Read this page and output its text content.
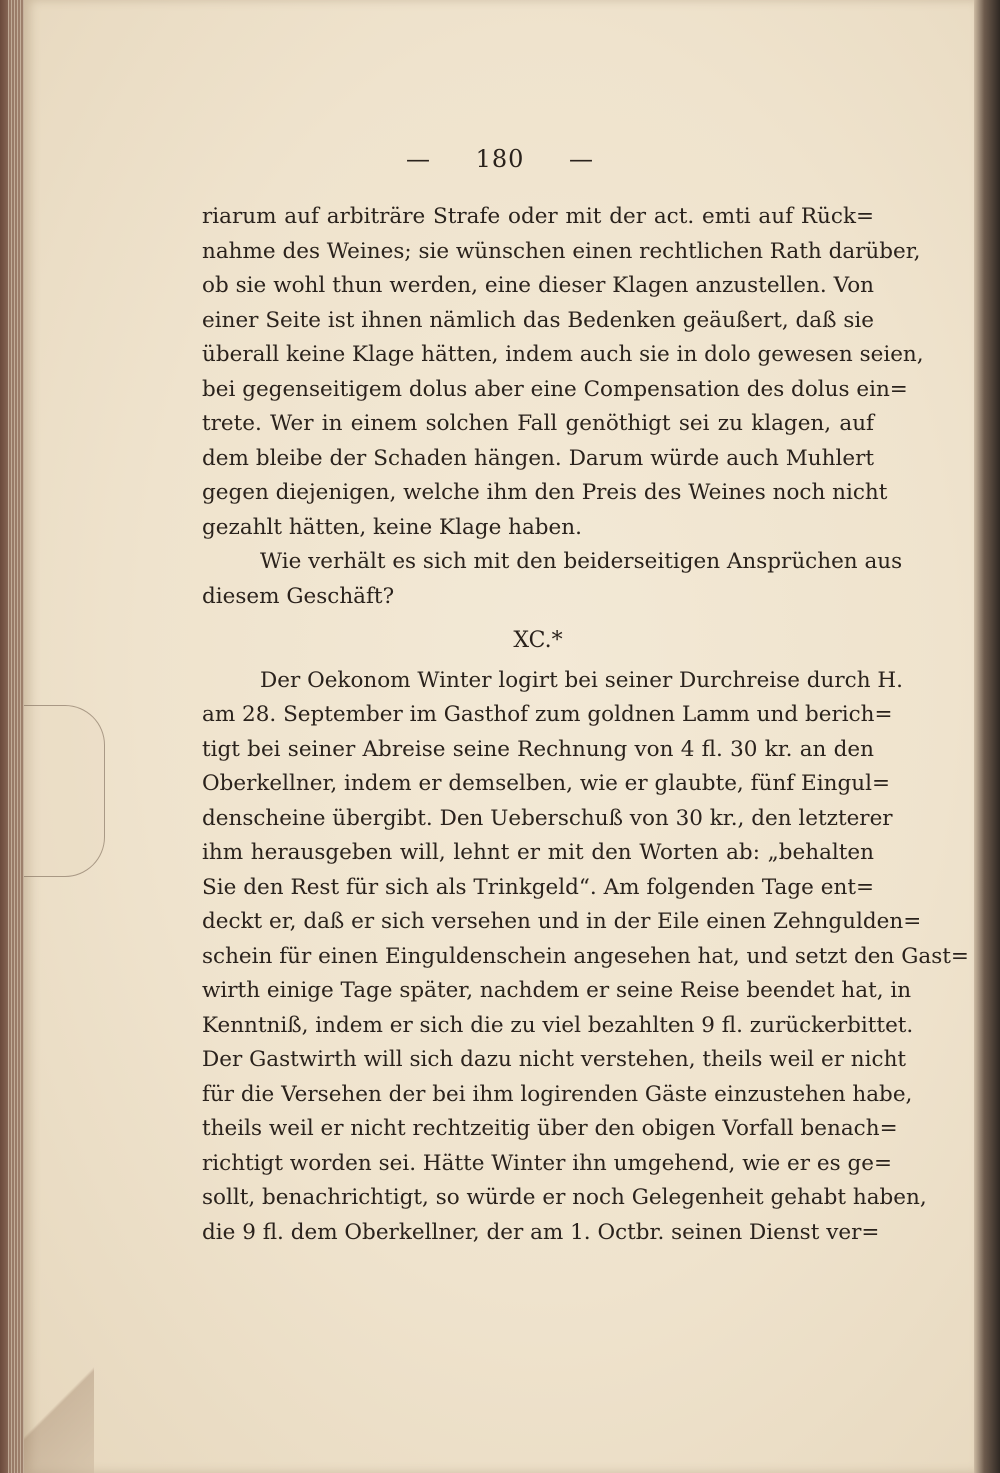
— 180 —
riarum auf arbiträre Strafe oder mit der act. emti auf Rück=
nahme des Weines; sie wünschen einen rechtlichen Rath darüber,
ob sie wohl thun werden, eine dieser Klagen anzustellen. Von
einer Seite ist ihnen nämlich das Bedenken geäußert, daß sie
überall keine Klage hätten, indem auch sie in dolo gewesen seien,
bei gegenseitigem dolus aber eine Compensation des dolus ein=
trete. Wer in einem solchen Fall genöthigt sei zu klagen, auf
dem bleibe der Schaden hängen. Darum würde auch Muhlert
gegen diejenigen, welche ihm den Preis des Weines noch nicht
gezahlt hätten, keine Klage haben.
Wie verhält es sich mit den beiderseitigen Ansprüchen aus
diesem Geschäft?
XC.*
Der Oekonom Winter logirt bei seiner Durchreise durch H.
am 28. September im Gasthof zum goldnen Lamm und berich=
tigt bei seiner Abreise seine Rechnung von 4 fl. 30 kr. an den
Oberkellner, indem er demselben, wie er glaubte, fünf Eingul=
denscheine übergibt. Den Ueberschuß von 30 kr., den letzterer
ihm herausgeben will, lehnt er mit den Worten ab: „behalten
Sie den Rest für sich als Trinkgeld“. Am folgenden Tage ent=
deckt er, daß er sich versehen und in der Eile einen Zehngulden=
schein für einen Einguldenschein angesehen hat, und setzt den Gast=
wirth einige Tage später, nachdem er seine Reise beendet hat, in
Kenntniß, indem er sich die zu viel bezahlten 9 fl. zurückerbittet.
Der Gastwirth will sich dazu nicht verstehen, theils weil er nicht
für die Versehen der bei ihm logirenden Gäste einzustehen habe,
theils weil er nicht rechtzeitig über den obigen Vorfall benach=
richtigt worden sei. Hätte Winter ihn umgehend, wie er es ge=
sollt, benachrichtigt, so würde er noch Gelegenheit gehabt haben,
die 9 fl. dem Oberkellner, der am 1. Octbr. seinen Dienst ver=
